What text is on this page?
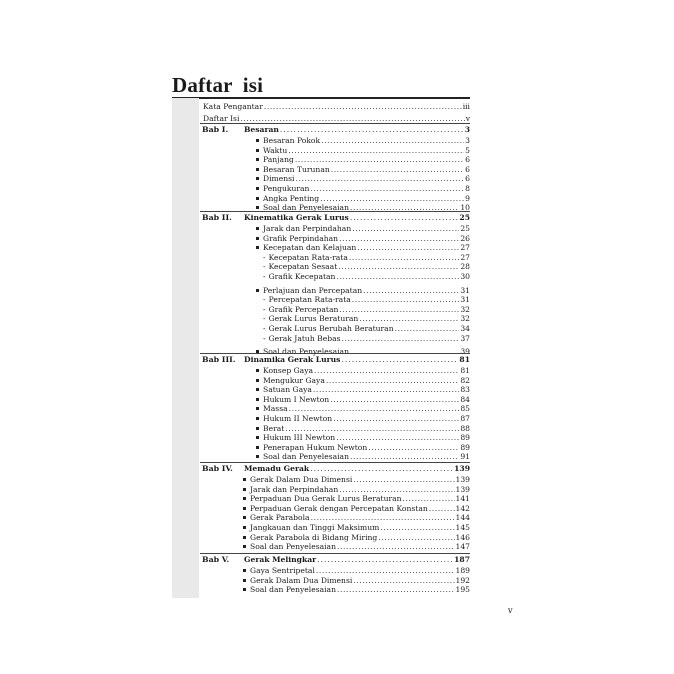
Daftar isi
Kata Pengantar .....	iii
Daftar Isi .....	v
Bab I. Besaran .....	3
Besaran Pokok .....	3
Waktu .....	5
Panjang .....	6
Besaran Turunan .....	6
Dimensi .....	6
Pengukuran .....	8
Angka Penting .....	9
Soal dan Penyelesaian .....	10
Bab II. Kinematika Gerak Lurus .....	25
Jarak dan Perpindahan .....	25
Grafik Perpindahan .....	26
Kecepatan dan Kelajuan .....	27
- Kecepatan Rata-rata .....	27
- Kecepatan Sesaat .....	28
- Grafik Kecepatan .....	30
Perlajuan dan Percepatan .....	31
- Percepatan Rata-rata .....	31
- Grafik Percepatan .....	32
- Gerak Lurus Beraturan .....	32
- Gerak Lurus Berubah Beraturan .....	34
- Gerak Jatuh Bebas .....	37
Soal dan Penyelesaian .....	39
Bab III. Dinamika Gerak Lurus .....	81
Konsep Gaya .....	81
Mengukur Gaya .....	82
Satuan Gaya .....	83
Hukum I Newton .....	84
Massa .....	85
Hukum II Newton .....	87
Berat .....	88
Hukum III Newton .....	89
Penerapan Hukum Newton .....	89
Soal dan Penyelesaian .....	91
Bab IV. Memadu Gerak .....	139
Gerak Dalam Dua Dimensi .....	139
Jarak dan Perpindahan .....	139
Perpaduan Dua Gerak Lurus Beraturan .....	141
Perpaduan Gerak dengan Percepatan Konstan .....	142
Gerak Parabola .....	144
Jangkauan dan Tinggi Maksimum .....	145
Gerak Parabola di Bidang Miring .....	146
Soal dan Penyelesaian .....	147
Bab V. Gerak Melingkar .....	187
Gaya Sentripetal .....	189
Gerak Dalam Dua Dimensi .....	192
Soal dan Penyelesaian .....	195
v
